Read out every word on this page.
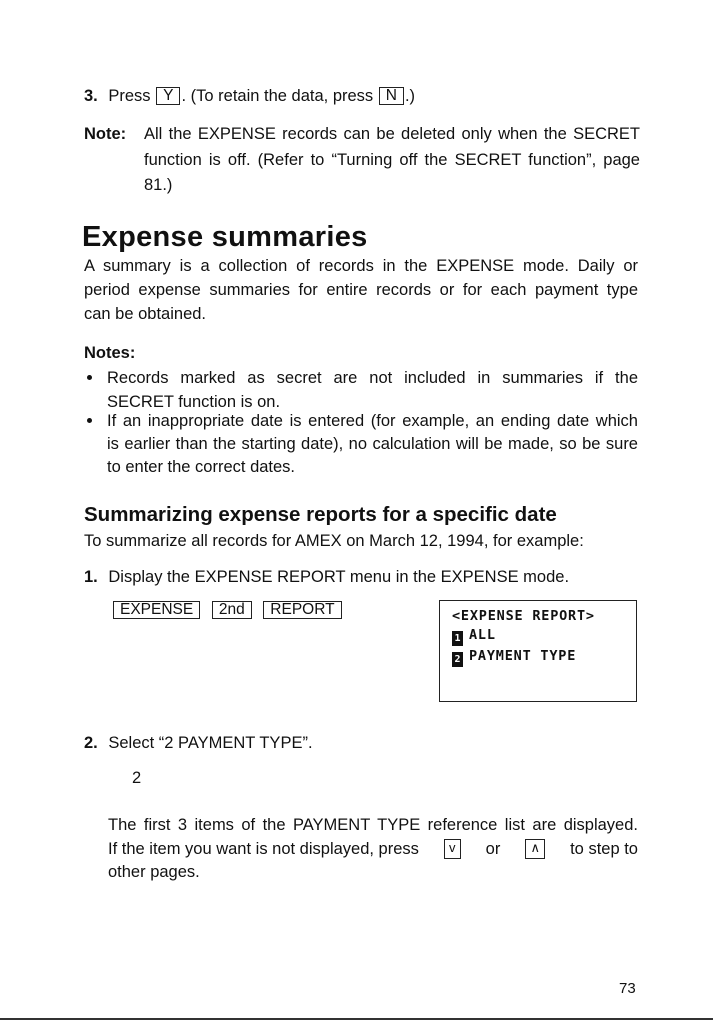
3. Press Y . (To retain the data, press N .)
Note: All the EXPENSE records can be deleted only when the SECRET
function is off. (Refer to “Turning off the SECRET function”, page
81.)
Expense summaries
A summary is a collection of records in the EXPENSE mode. Daily or
period expense summaries for entire records or for each payment type
can be obtained.
Notes:
Records marked as secret are not included in summaries if the
SECRET function is on.
If an inappropriate date is entered (for example, an ending date which
is earlier than the starting date), no calculation will be made, so be sure
to enter the correct dates.
Summarizing expense reports for a specific date
To summarize all records for AMEX on March 12, 1994, for example:
1. Display the EXPENSE REPORT menu in the EXPENSE mode.
EXPENSE 2nd REPORT	<EXPENSE REPORT>
1 ALL
2 PAYMENT TYPE
2. Select “2 PAYMENT TYPE”.
2
The first 3 items of the PAYMENT TYPE reference list are displayed.
If the item you want is not displayed, press	v	or	∧	to step to
other pages.
73
